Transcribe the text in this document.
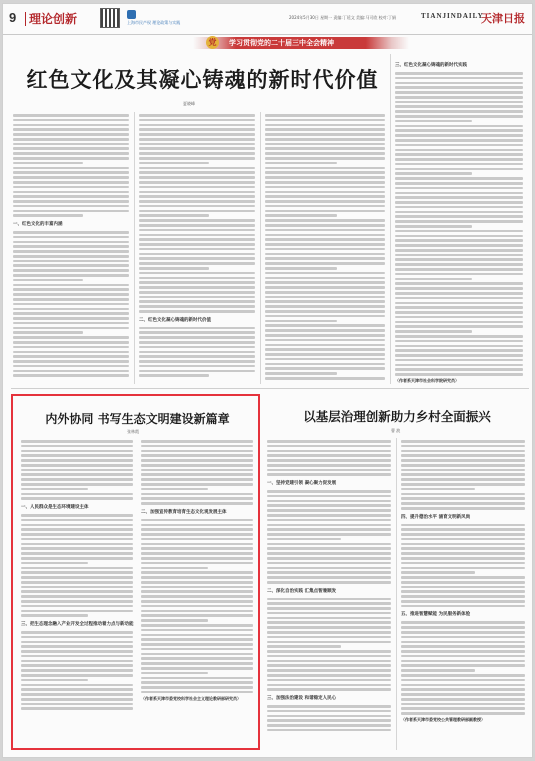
9 理论创新	上海市民产权 理论政策与实践
2024年5月30日 星期一 责编:丁延文 美编:马可欣 校对:丁娟	TIANJINDAILY
天津日报
党	学习贯彻党的二十届三中全会精神
红色文化及其凝心铸魂的新时代价值
夏晓峰
一、红色文化的丰富内涵
二、红色文化凝心铸魂的新时代价值
三、红色文化凝心铸魂的新时代实践
（作者系天津市社会科学院研究员）
内外协同 书写生态文明建设新篇章
张林霞
一、人民群众是生态环境建设主体
三、把生态理念融入产业开发全过程推动着力点与新动能
二、加强宣传教育培育生态文化观发展主体
（作者系天津市委党校科学社会主义理论教研部研究员）
以基层治理创新助力乡村全面振兴
曹 波
一、坚持党建引领 凝心聚力促发展
二、深化自治实践 汇集点智兼顾发
三、加强法治建设 和谐稳定人民心
四、提升德治水平 涵育文明新风尚
五、推进智慧赋能 为民服务新体验
（作者系天津市委党校公共管理教研部副教授）
